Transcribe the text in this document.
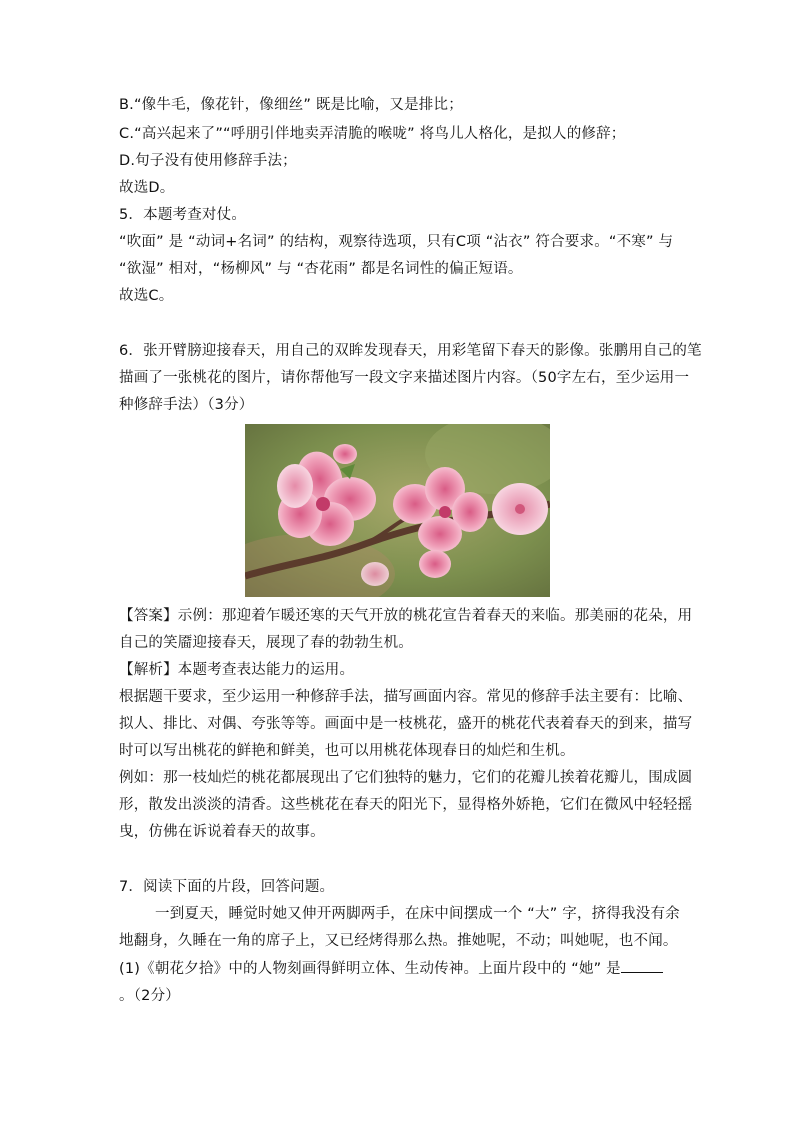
B.“像牛毛，像花针，像细丝” 既是比喻，又是排比；
C.“高兴起来了”“呼朋引伴地卖弄清脆的喉咙” 将鸟儿人格化，是拟人的修辞；
D.句子没有使用修辞手法；
故选D。
5．本题考查对仗。
“吹面” 是 “动词+名词” 的结构，观察待选项，只有C项 “沾衣” 符合要求。“不寒” 与
“欲湿” 相对，“杨柳风” 与 “杏花雨” 都是名词性的偏正短语。
故选C。
6．张开臂膀迎接春天，用自己的双眸发现春天，用彩笔留下春天的影像。张鹏用自己的笔
描画了一张桃花的图片，请你帮他写一段文字来描述图片内容。（50字左右，至少运用一
种修辞手法）（3分）
【答案】示例：那迎着乍暖还寒的天气开放的桃花宣告着春天的来临。那美丽的花朵，用
自己的笑靥迎接春天，展现了春的勃勃生机。
【解析】本题考查表达能力的运用。
根据题干要求，至少运用一种修辞手法，描写画面内容。常见的修辞手法主要有：比喻、
拟人、排比、对偶、夸张等等。画面中是一枝桃花，盛开的桃花代表着春天的到来，描写
时可以写出桃花的鲜艳和鲜美，也可以用桃花体现春日的灿烂和生机。
例如：那一枝灿烂的桃花都展现出了它们独特的魅力，它们的花瓣儿挨着花瓣儿，围成圆
形，散发出淡淡的清香。这些桃花在春天的阳光下，显得格外娇艳，它们在微风中轻轻摇
曳，仿佛在诉说着春天的故事。
7．阅读下面的片段，回答问题。
一到夏天，睡觉时她又伸开两脚两手，在床中间摆成一个 “大” 字，挤得我没有余
地翻身，久睡在一角的席子上，又已经烤得那么热。推她呢，不动；叫她呢，也不闻。
(1)《朝花夕拾》中的人物刻画得鲜明立体、生动传神。上面片段中的 “她” 是
。（2分）
